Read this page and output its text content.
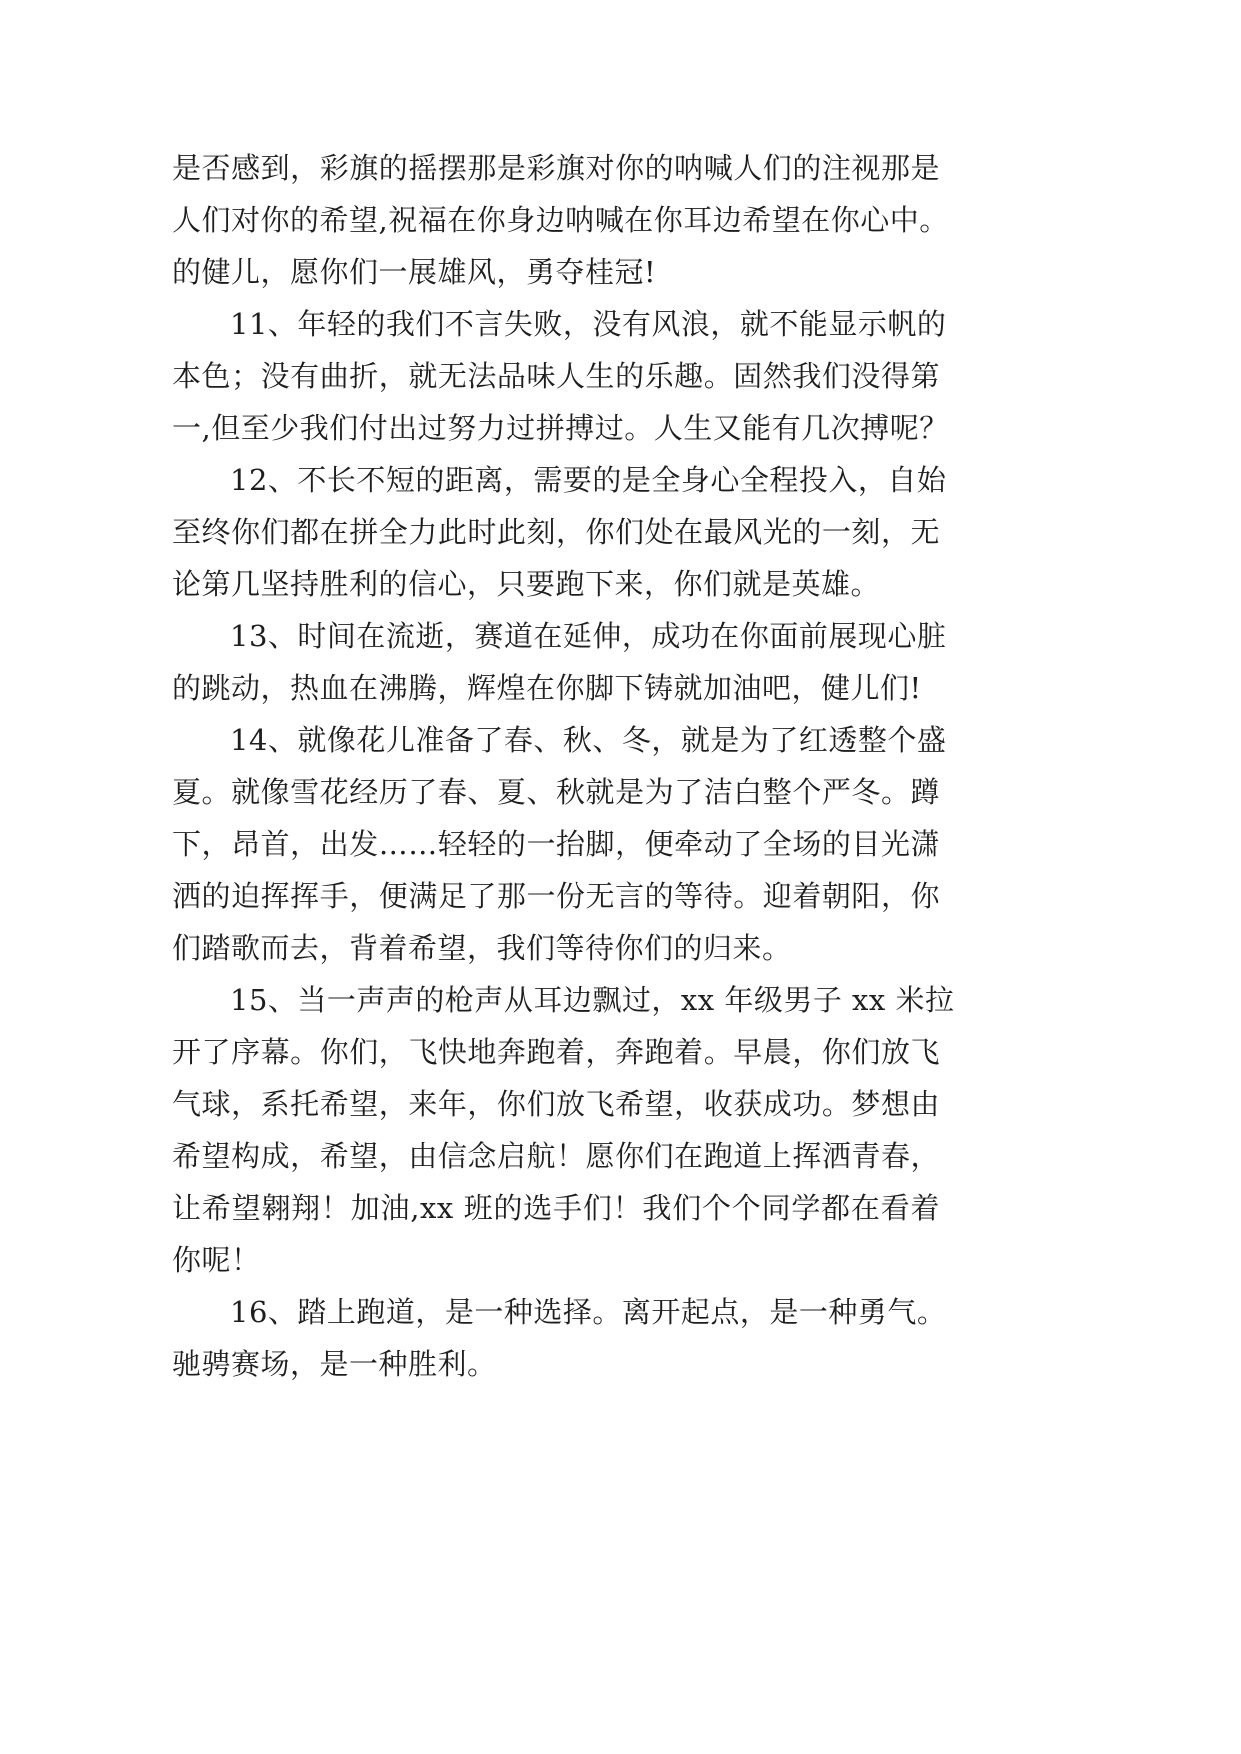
是否感到，彩旗的摇摆那是彩旗对你的呐喊人们的注视那是
人们对你的希望,祝福在你身边呐喊在你耳边希望在你心中。
的健儿，愿你们一展雄风，勇夺桂冠!
11、年轻的我们不言失败，没有风浪，就不能显示帆的
本色；没有曲折，就无法品味人生的乐趣。固然我们没得第
一,但至少我们付出过努力过拼搏过。人生又能有几次搏呢？
12、不长不短的距离，需要的是全身心全程投入，自始
至终你们都在拼全力此时此刻，你们处在最风光的一刻，无
论第几坚持胜利的信心，只要跑下来，你们就是英雄。
13、时间在流逝，赛道在延伸，成功在你面前展现心脏
的跳动，热血在沸腾，辉煌在你脚下铸就加油吧，健儿们!
14、就像花儿准备了春、秋、冬，就是为了红透整个盛
夏。就像雪花经历了春、夏、秋就是为了洁白整个严冬。蹲
下，昂首，出发……轻轻的一抬脚，便牵动了全场的目光潇
洒的迫挥挥手，便满足了那一份无言的等待。迎着朝阳，你
们踏歌而去，背着希望，我们等待你们的归来。
15、当一声声的枪声从耳边飘过，xx 年级男子 xx 米拉
开了序幕。你们，飞快地奔跑着，奔跑着。早晨，你们放飞
气球，系托希望，来年，你们放飞希望，收获成功。梦想由
希望构成，希望，由信念启航！愿你们在跑道上挥洒青春，
让希望翱翔！加油,xx 班的选手们！我们个个同学都在看着
你呢！
16、踏上跑道，是一种选择。离开起点，是一种勇气。
驰骋赛场，是一种胜利。
